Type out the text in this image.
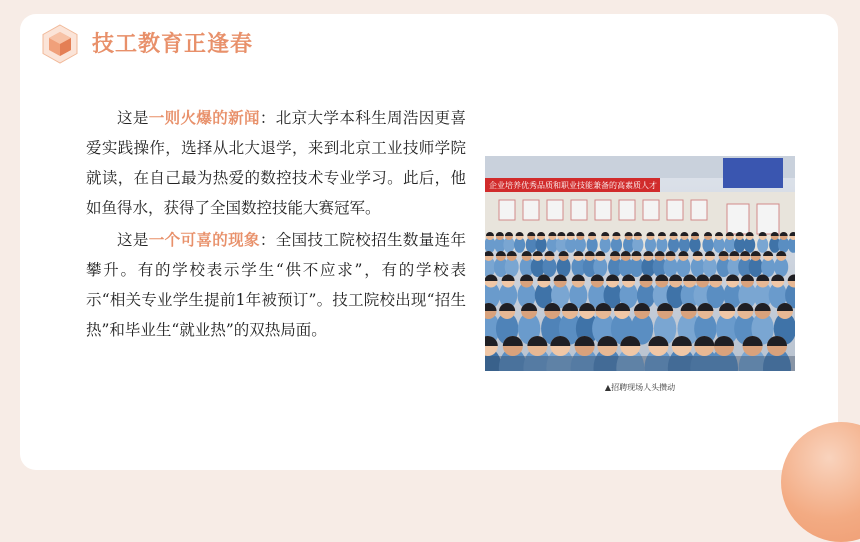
技工教育正逢春

这是一则火爆的新闻：北京大学本科生周浩因更喜爱实践操作，选择从北大退学，来到北京工业技师学院就读，在自己最为热爱的数控技术专业学习。此后，他如鱼得水，获得了全国数控技能大赛冠军。

这是一个可喜的现象：全国技工院校招生数量连年攀升。有的学校表示学生“供不应求”，有的学校表示“相关专业学生提前1年被预订”。技工院校出现“招生热”和毕业生“就业热”的双热局面。

企业培养优秀品质和职业技能兼备的高素质人才
▲招聘现场人头攒动
